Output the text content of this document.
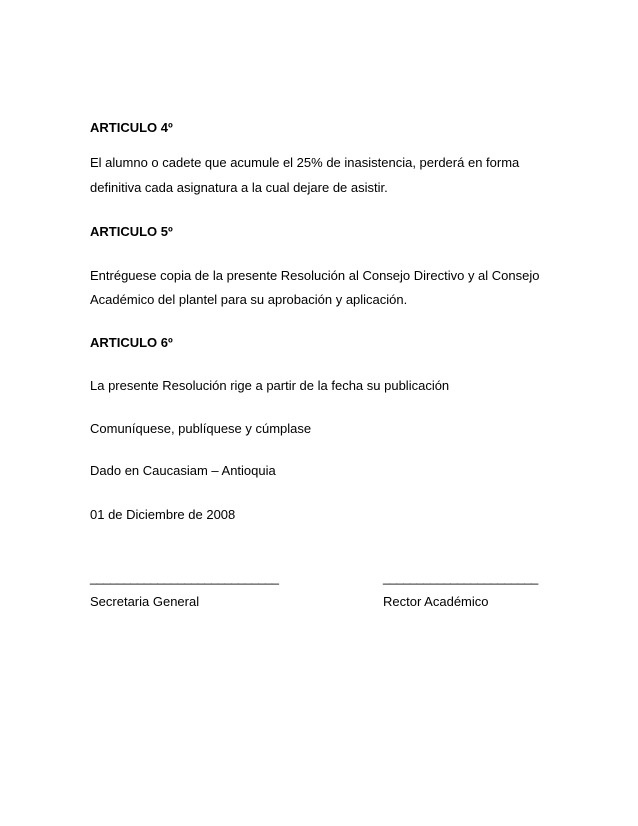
ARTICULO 4º
El alumno o cadete que acumule el 25% de inasistencia, perderá en forma
definitiva cada asignatura a la cual dejare de asistir.
ARTICULO 5º
Entréguese copia de la presente Resolución al Consejo Directivo y al Consejo
Académico del plantel para su aprobación y aplicación.
ARTICULO 6º
La presente Resolución rige a partir de la fecha su publicación
Comuníquese, publíquese y cúmplase
Dado en Caucasiam – Antioquia
01 de Diciembre de 2008
____________________________
Secretaria General
_______________________
Rector Académico
